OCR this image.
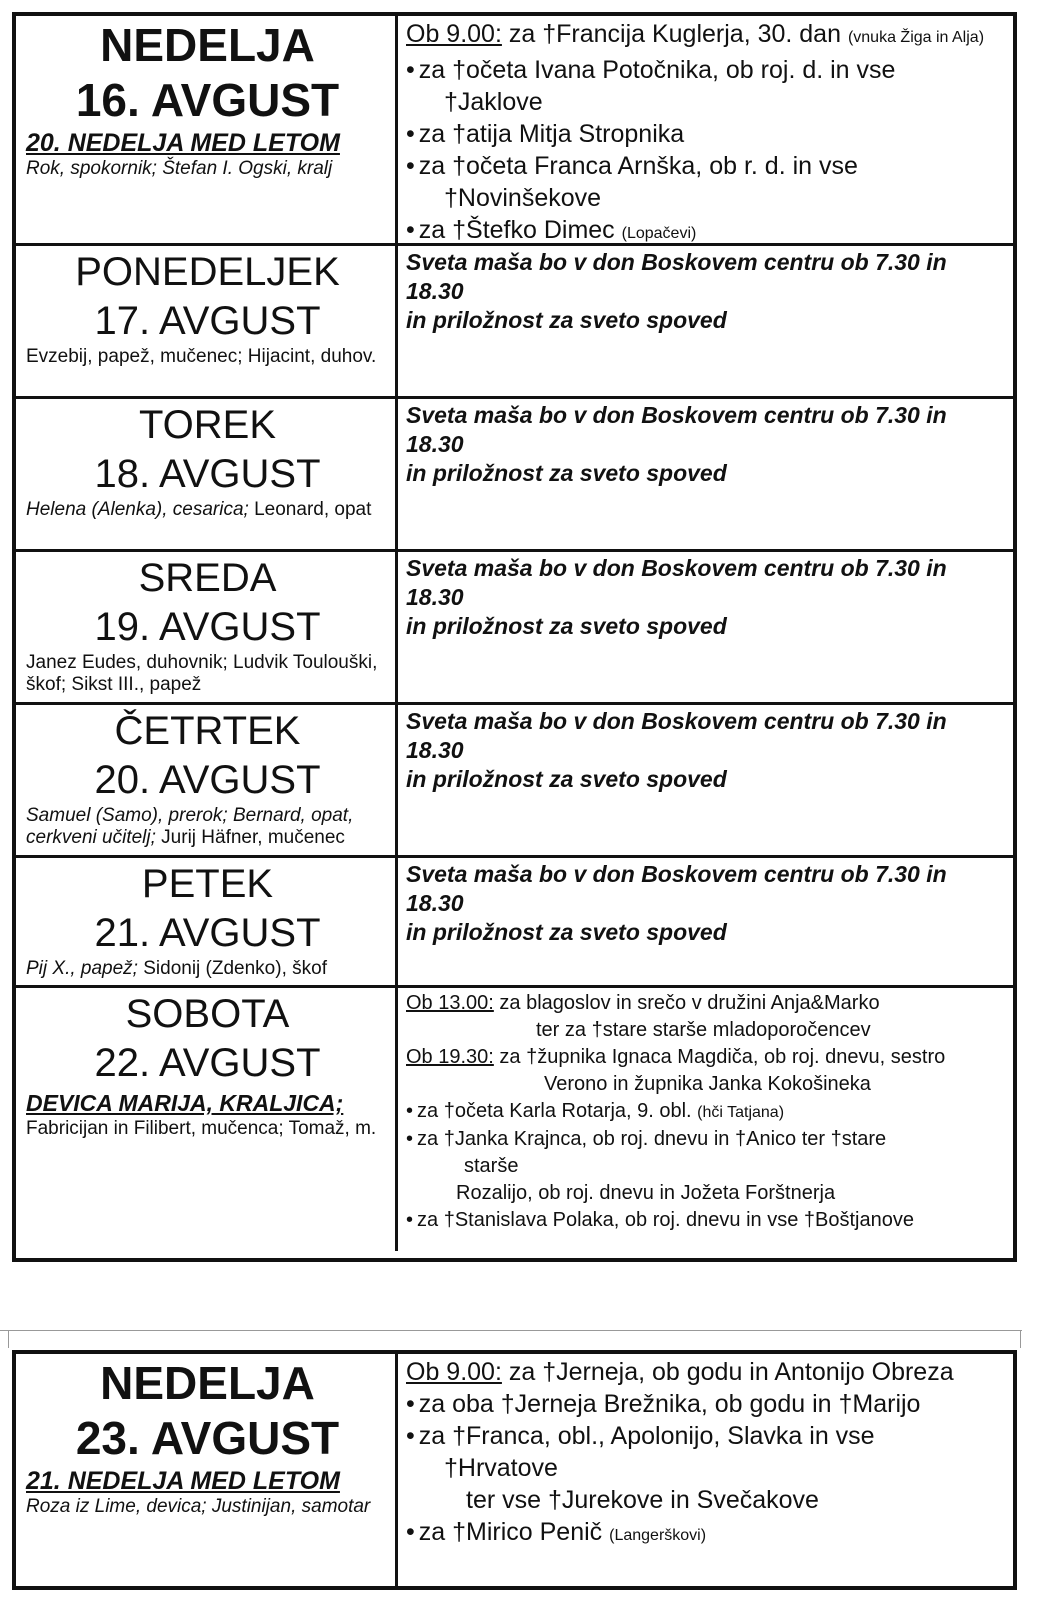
NEDELJA
16. AVGUST
20. NEDELJA MED LETOM
Rok, spokornik; Štefan I. Ogski, kralj
Ob 9.00: za †Francija Kuglerja, 30. dan (vnuka Žiga in Alja)
• za †očeta Ivana Potočnika, ob roj. d. in vse
†Jaklove
• za †atija Mitja Stropnika
• za †očeta Franca Arnška, ob r. d. in vse
†Novinšekove
• za †Štefko Dimec (Lopačevi)
PONEDELJEK
17. AVGUST
Evzebij, papež, mučenec; Hijacint, duhov.
Sveta maša bo v don Boskovem centru ob 7.30 in 18.30
in priložnost za sveto spoved
TOREK
18. AVGUST
Helena (Alenka), cesarica; Leonard, opat
Sveta maša bo v don Boskovem centru ob 7.30 in 18.30
in priložnost za sveto spoved
SREDA
19. AVGUST
Janez Eudes, duhovnik; Ludvik Toulouški, škof; Sikst III., papež
Sveta maša bo v don Boskovem centru ob 7.30 in 18.30
in priložnost za sveto spoved
ČETRTEK
20. AVGUST
Samuel (Samo), prerok; Bernard, opat, cerkveni učitelj; Jurij Häfner, mučenec
Sveta maša bo v don Boskovem centru ob 7.30 in 18.30
in priložnost za sveto spoved
PETEK
21. AVGUST
Pij X., papež; Sidonij (Zdenko), škof
Sveta maša bo v don Boskovem centru ob 7.30 in 18.30
in priložnost za sveto spoved
SOBOTA
22. AVGUST
DEVICA MARIJA, KRALJICA;
Fabricijan in Filibert, mučenca; Tomaž, m.
Ob 13.00: za blagoslov in srečo v družini Anja&Marko
ter za †stare starše mladoporočencev
Ob 19.30: za †župnika Ignaca Magdiča, ob roj. dnevu, sestro
Verono in župnika Janka Kokošineka
• za †očeta Karla Rotarja, 9. obl. (hči Tatjana)
• za †Janka Krajnca, ob roj. dnevu in †Anico ter †stare
starše
Rozalijo, ob roj. dnevu in Jožeta Forštnerja
• za †Stanislava Polaka, ob roj. dnevu in vse †Boštjanove
NEDELJA
23. AVGUST
21. NEDELJA MED LETOM
Roza iz Lime, devica; Justinijan, samotar
Ob 9.00: za †Jerneja, ob godu in Antonijo Obreza
• za oba †Jerneja Brežnika, ob godu in †Marijo
• za †Franca, obl., Apolonijo, Slavka in vse
†Hrvatove
ter vse †Jurekove in Svečakove
• za †Mirico Penič (Langerškovi)
